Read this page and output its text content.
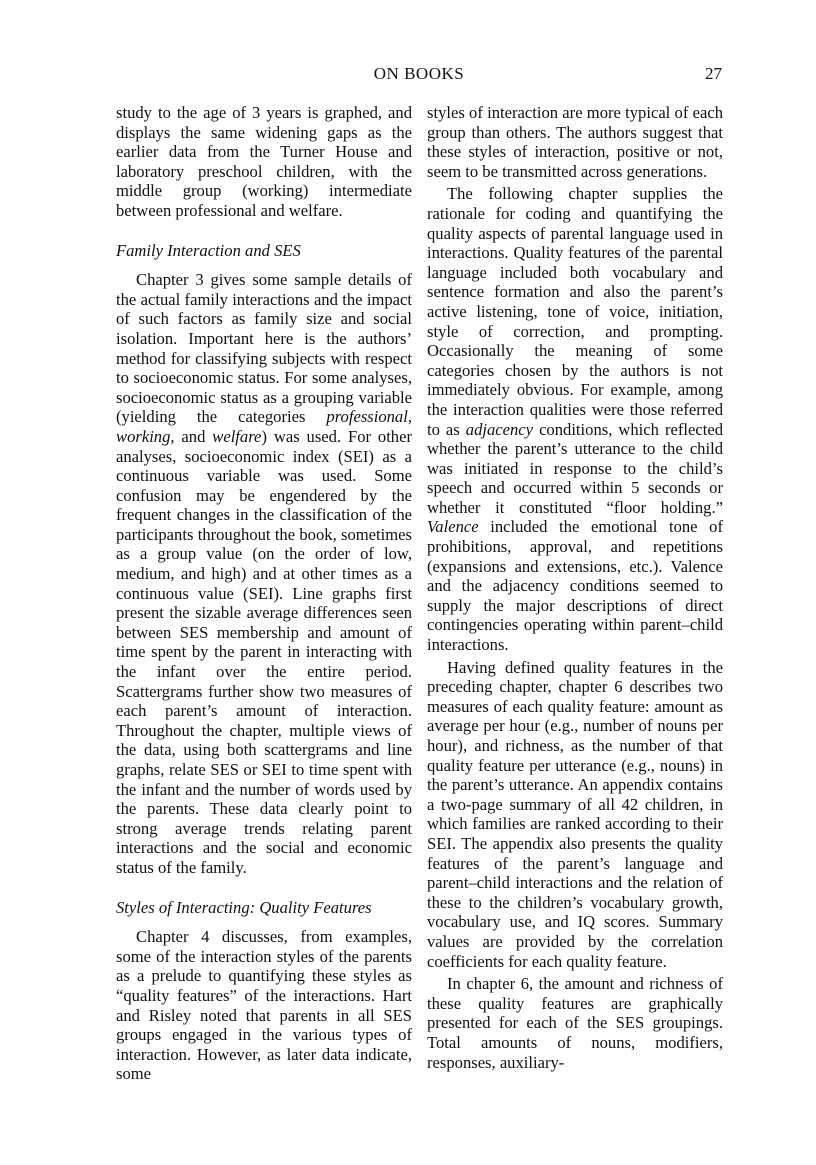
ON BOOKS	27

study to the age of 3 years is graphed, and displays the same widening gaps as the earlier data from the Turner House and laboratory preschool children, with the middle group (working) intermediate between professional and welfare.

Family Interaction and SES

Chapter 3 gives some sample details of the actual family interactions and the impact of such factors as family size and social isolation. Important here is the authors’ method for classifying subjects with respect to socioeconomic status. For some analyses, socioeconomic status as a grouping variable (yielding the categories professional, working, and welfare) was used. For other analyses, socioeconomic index (SEI) as a continuous variable was used. Some confusion may be engendered by the frequent changes in the classification of the participants throughout the book, sometimes as a group value (on the order of low, medium, and high) and at other times as a continuous value (SEI). Line graphs first present the sizable average differences seen between SES membership and amount of time spent by the parent in interacting with the infant over the entire period. Scattergrams further show two measures of each parent’s amount of interaction. Throughout the chapter, multiple views of the data, using both scattergrams and line graphs, relate SES or SEI to time spent with the infant and the number of words used by the parents. These data clearly point to strong average trends relating parent interactions and the social and economic status of the family.

Styles of Interacting: Quality Features

Chapter 4 discusses, from examples, some of the interaction styles of the parents as a prelude to quantifying these styles as “quality features” of the interactions. Hart and Risley noted that parents in all SES groups engaged in the various types of interaction. However, as later data indicate, some

styles of interaction are more typical of each group than others. The authors suggest that these styles of interaction, positive or not, seem to be transmitted across generations.

The following chapter supplies the rationale for coding and quantifying the quality aspects of parental language used in interactions. Quality features of the parental language included both vocabulary and sentence formation and also the parent’s active listening, tone of voice, initiation, style of correction, and prompting. Occasionally the meaning of some categories chosen by the authors is not immediately obvious. For example, among the interaction qualities were those referred to as adjacency conditions, which reflected whether the parent’s utterance to the child was initiated in response to the child’s speech and occurred within 5 seconds or whether it constituted “floor holding.” Valence included the emotional tone of prohibitions, approval, and repetitions (expansions and extensions, etc.). Valence and the adjacency conditions seemed to supply the major descriptions of direct contingencies operating within parent–child interactions.

Having defined quality features in the preceding chapter, chapter 6 describes two measures of each quality feature: amount as average per hour (e.g., number of nouns per hour), and richness, as the number of that quality feature per utterance (e.g., nouns) in the parent’s utterance. An appendix contains a two-page summary of all 42 children, in which families are ranked according to their SEI. The appendix also presents the quality features of the parent’s language and parent–child interactions and the relation of these to the children’s vocabulary growth, vocabulary use, and IQ scores. Summary values are provided by the correlation coefficients for each quality feature.

In chapter 6, the amount and richness of these quality features are graphically presented for each of the SES groupings. Total amounts of nouns, modifiers, responses, auxiliary-
